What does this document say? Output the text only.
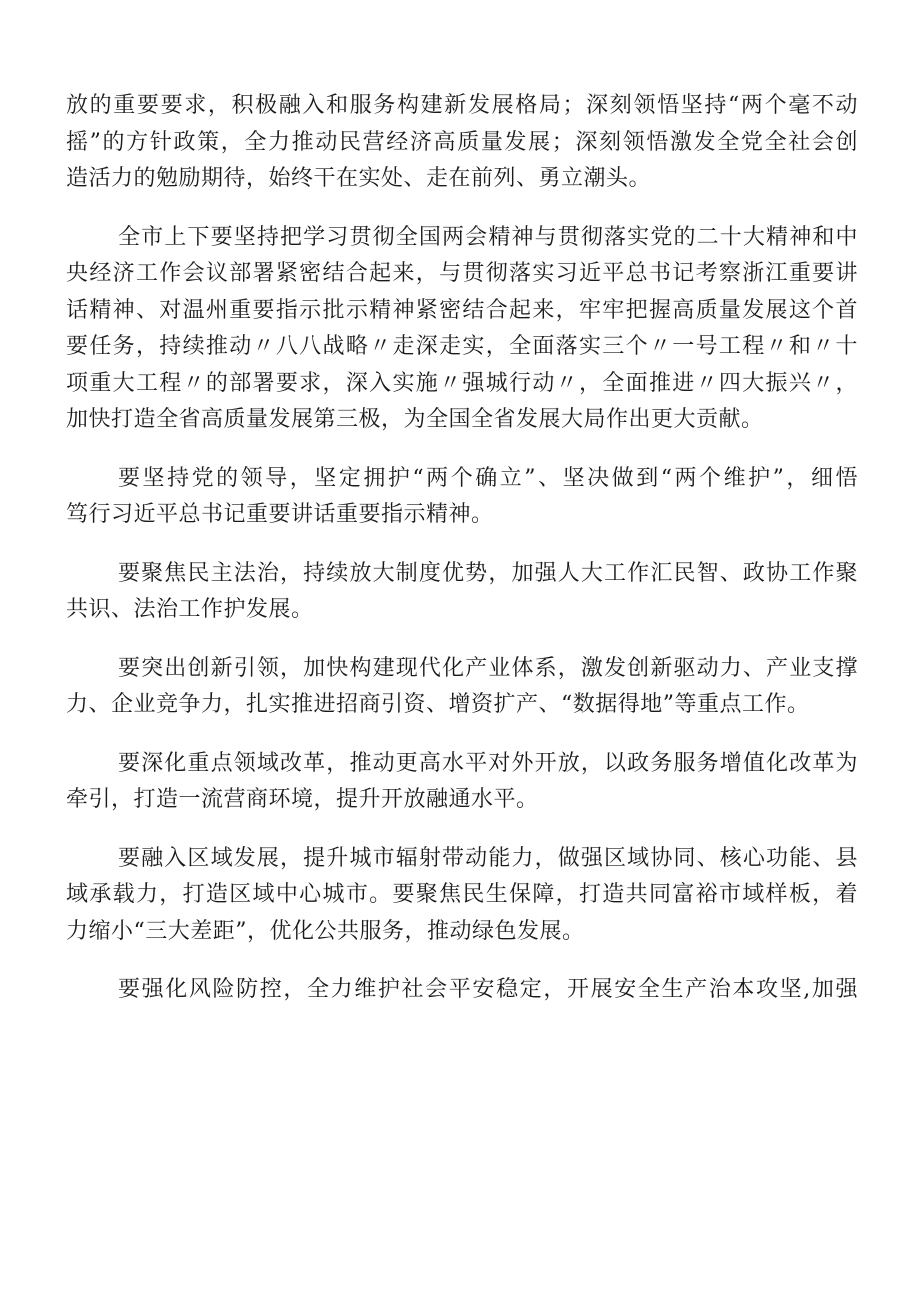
放的重要要求，积极融入和服务构建新发展格局；深刻领悟坚持“两个毫不动
摇”的方针政策，全力推动民营经济高质量发展；深刻领悟激发全党全社会创
造活力的勉励期待，始终干在实处、走在前列、勇立潮头。

全市上下要坚持把学习贯彻全国两会精神与贯彻落实党的二十大精神和中
央经济工作会议部署紧密结合起来，与贯彻落实习近平总书记考察浙江重要讲
话精神、对温州重要指示批示精神紧密结合起来，牢牢把握高质量发展这个首
要任务，持续推动〃八八战略〃走深走实，全面落实三个〃一号工程〃和〃十
项重大工程〃的部署要求，深入实施〃强城行动〃，全面推进〃四大振兴〃，
加快打造全省高质量发展第三极，为全国全省发展大局作出更大贡献。

要坚持党的领导，坚定拥护“两个确立”、坚决做到“两个维护”，细悟
笃行习近平总书记重要讲话重要指示精神。

要聚焦民主法治，持续放大制度优势，加强人大工作汇民智、政协工作聚
共识、法治工作护发展。

要突出创新引领，加快构建现代化产业体系，激发创新驱动力、产业支撑
力、企业竞争力，扎实推进招商引资、增资扩产、“数据得地”等重点工作。

要深化重点领域改革，推动更高水平对外开放，以政务服务增值化改革为
牵引，打造一流营商环境，提升开放融通水平。

要融入区域发展，提升城市辐射带动能力，做强区域协同、核心功能、县
域承载力，打造区域中心城市。要聚焦民生保障，打造共同富裕市域样板，着
力缩小“三大差距”，优化公共服务，推动绿色发展。

要强化风险防控，全力维护社会平安稳定，开展安全生产治本攻坚,加强
